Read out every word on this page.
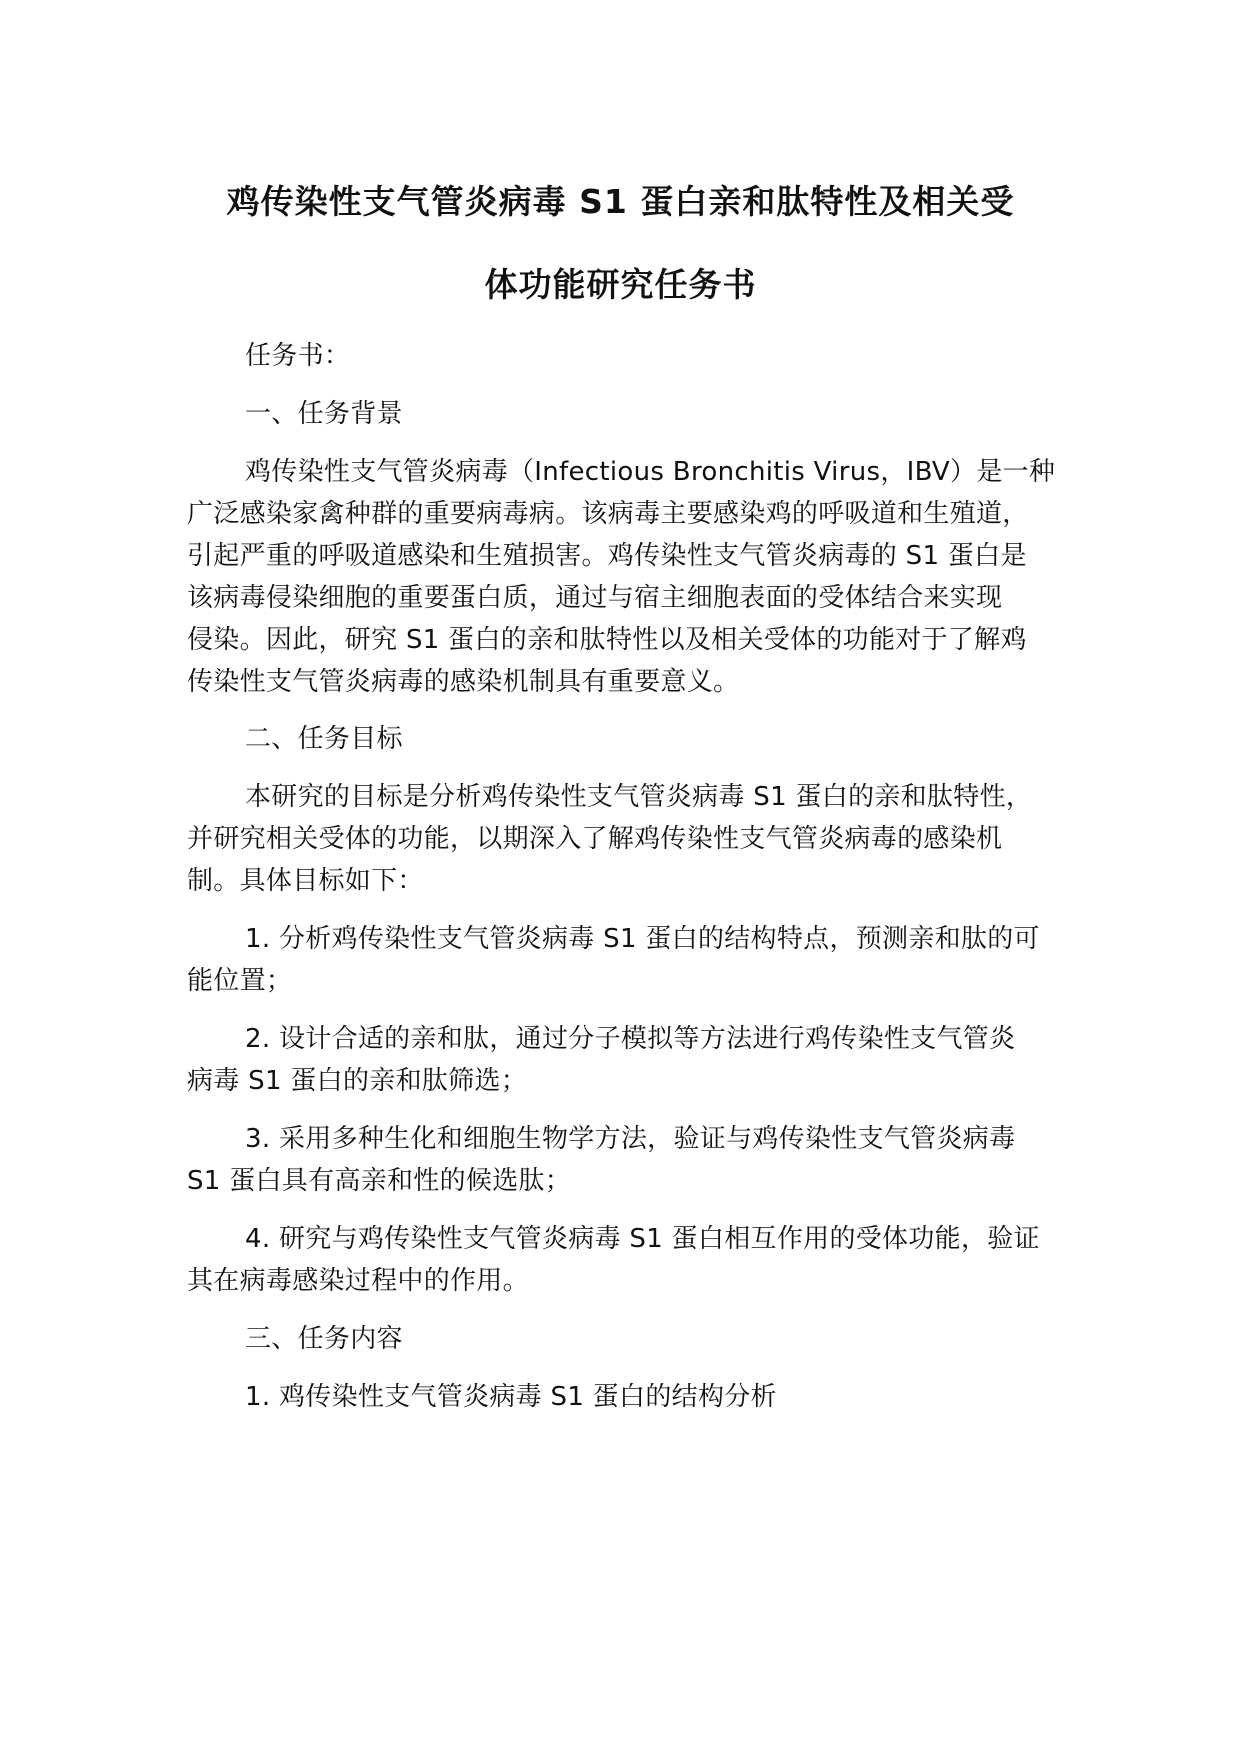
鸡传染性支气管炎病毒 S1 蛋白亲和肽特性及相关受
体功能研究任务书
任务书：
一、任务背景
鸡传染性支气管炎病毒（Infectious Bronchitis Virus，IBV）是一种
广泛感染家禽种群的重要病毒病。该病毒主要感染鸡的呼吸道和生殖道，
引起严重的呼吸道感染和生殖损害。鸡传染性支气管炎病毒的 S1 蛋白是
该病毒侵染细胞的重要蛋白质，通过与宿主细胞表面的受体结合来实现
侵染。因此，研究 S1 蛋白的亲和肽特性以及相关受体的功能对于了解鸡
传染性支气管炎病毒的感染机制具有重要意义。
二、任务目标
本研究的目标是分析鸡传染性支气管炎病毒 S1 蛋白的亲和肽特性，
并研究相关受体的功能，以期深入了解鸡传染性支气管炎病毒的感染机
制。具体目标如下：
1. 分析鸡传染性支气管炎病毒 S1 蛋白的结构特点，预测亲和肽的可
能位置；
2. 设计合适的亲和肽，通过分子模拟等方法进行鸡传染性支气管炎
病毒 S1 蛋白的亲和肽筛选；
3. 采用多种生化和细胞生物学方法，验证与鸡传染性支气管炎病毒
S1 蛋白具有高亲和性的候选肽；
4. 研究与鸡传染性支气管炎病毒 S1 蛋白相互作用的受体功能，验证
其在病毒感染过程中的作用。
三、任务内容
1. 鸡传染性支气管炎病毒 S1 蛋白的结构分析
